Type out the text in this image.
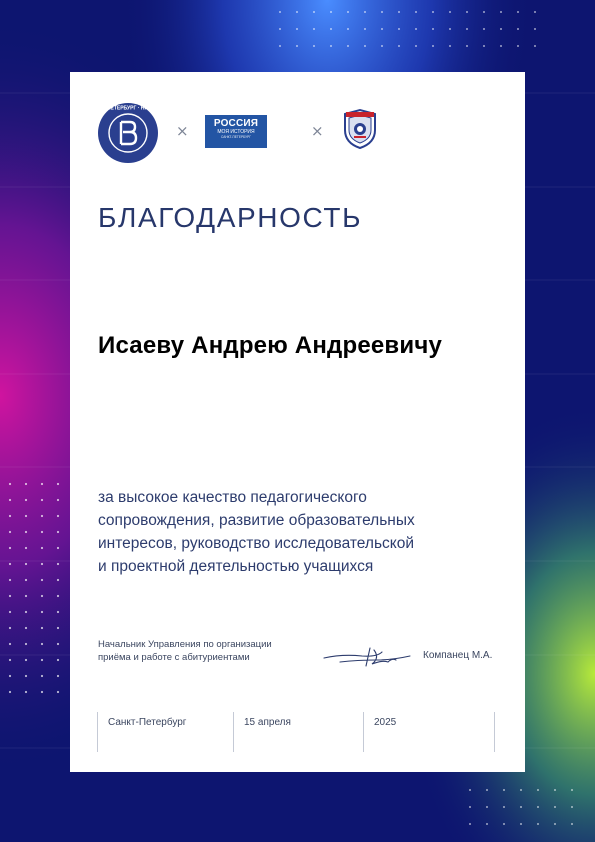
САНКТ-ПЕТЕРБУРГ · НИУ ВШЭ ·
×	РОССИЯ
МОЯ ИСТОРИЯ
САНКТ-ПЕТЕРБУРГ	×
БЛАГОДАРНОСТЬ
Исаеву Андрею Андреевичу
за высокое качество педагогического
сопровождения, развитие образовательных
интересов, руководство исследовательской
и проектной деятельностью учащихся
Начальник Управления по организации
приёма и работе с абитуриентами	Компанец М.А.
Санкт-Петербург	15 апреля	2025
